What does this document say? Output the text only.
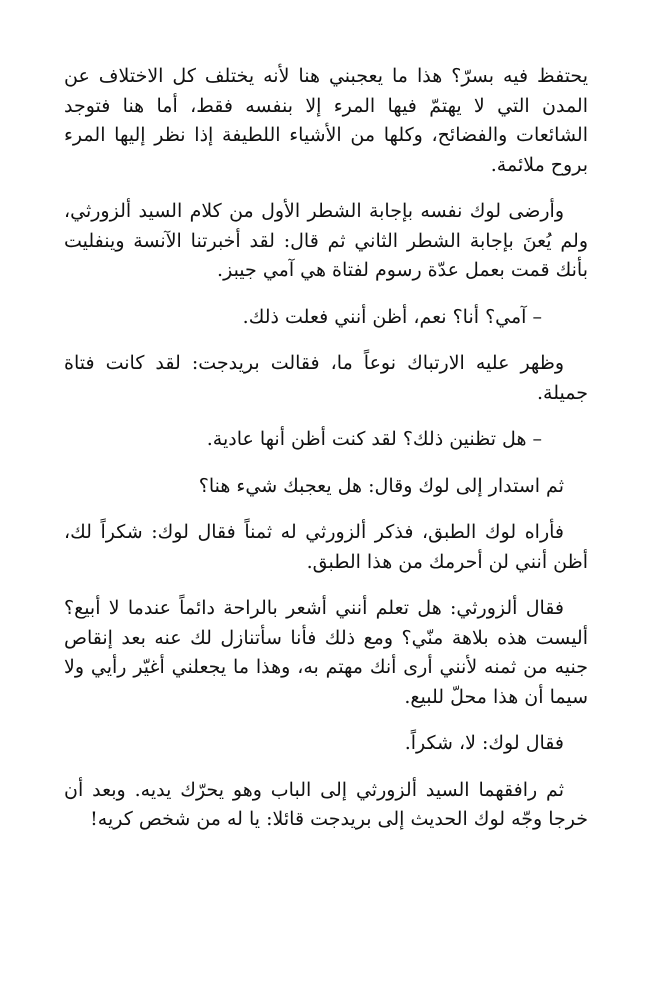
يحتفظ فيه بسرّ؟ هذا ما يعجبني هنا لأنه يختلف كل الاختلاف عن المدن التي لا يهتمّ فيها المرء إلا بنفسه فقط، أما هنا فتوجد الشائعات والفضائح، وكلها من الأشياء اللطيفة إذا نظر إليها المرء بروح ملائمة.

وأرضى لوك نفسه بإجابة الشطر الأول من كلام السيد ألزورثي، ولم يُعنَ بإجابة الشطر الثاني ثم قال: لقد أخبرتنا الآنسة وينفليت بأنك قمت بعمل عدّة رسوم لفتاة هي آمي جيبز.

– آمي؟ أنا؟ نعم، أظن أنني فعلت ذلك.

وظهر عليه الارتباك نوعاً ما، فقالت بريدجت: لقد كانت فتاة جميلة.

– هل تظنين ذلك؟ لقد كنت أظن أنها عادية.

ثم استدار إلى لوك وقال: هل يعجبك شيء هنا؟

فأراه لوك الطبق، فذكر ألزورثي له ثمناً فقال لوك: شكراً لك، أظن أنني لن أحرمك من هذا الطبق.

فقال ألزورثي: هل تعلم أنني أشعر بالراحة دائماً عندما لا أبيع؟ أليست هذه بلاهة منّي؟ ومع ذلك فأنا سأتنازل لك عنه بعد إنقاص جنيه من ثمنه لأنني أرى أنك مهتم به، وهذا ما يجعلني أغيّر رأيي ولا سيما أن هذا محلّ للبيع.

فقال لوك: لا، شكراً.

ثم رافقهما السيد ألزورثي إلى الباب وهو يحرّك يديه. وبعد أن خرجا وجّه لوك الحديث إلى بريدجت قائلا: يا له من شخص كريه!
